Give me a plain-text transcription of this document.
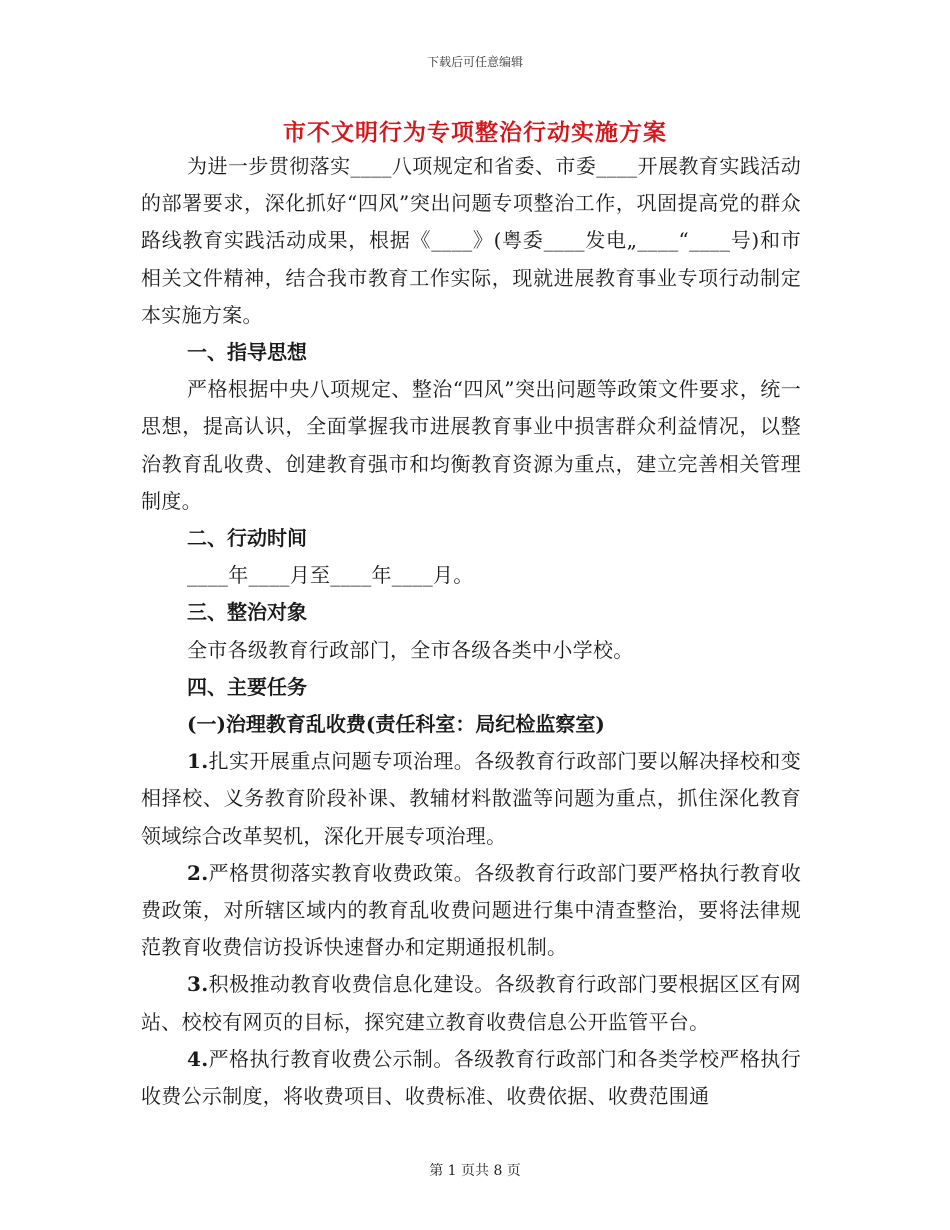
下载后可任意编辑
市不文明行为专项整治行动实施方案

为进一步贯彻落实____八项规定和省委、市委____开展教育实践活动的部署要求，深化抓好“四风”突出问题专项整治工作，巩固提高党的群众路线教育实践活动成果，根据《____》(粤委____发电„____“____号)和市相关文件精神，结合我市教育工作实际，现就进展教育事业专项行动制定本实施方案。

一、指导思想

严格根据中央八项规定、整治“四风”突出问题等政策文件要求，统一思想，提高认识，全面掌握我市进展教育事业中损害群众利益情况，以整治教育乱收费、创建教育强市和均衡教育资源为重点，建立完善相关管理制度。

二、行动时间

____年____月至____年____月。

三、整治对象

全市各级教育行政部门，全市各级各类中小学校。

四、主要任务

(一)治理教育乱收费(责任科室：局纪检监察室)

1.扎实开展重点问题专项治理。各级教育行政部门要以解决择校和变相择校、义务教育阶段补课、教辅材料散滥等问题为重点，抓住深化教育领域综合改革契机，深化开展专项治理。

2.严格贯彻落实教育收费政策。各级教育行政部门要严格执行教育收费政策，对所辖区域内的教育乱收费问题进行集中清查整治，要将法律规范教育收费信访投诉快速督办和定期通报机制。

3.积极推动教育收费信息化建设。各级教育行政部门要根据区区有网站、校校有网页的目标，探究建立教育收费信息公开监管平台。

4.严格执行教育收费公示制。各级教育行政部门和各类学校严格执行收费公示制度，将收费项目、收费标准、收费依据、收费范围通

第 1 页共 8 页
